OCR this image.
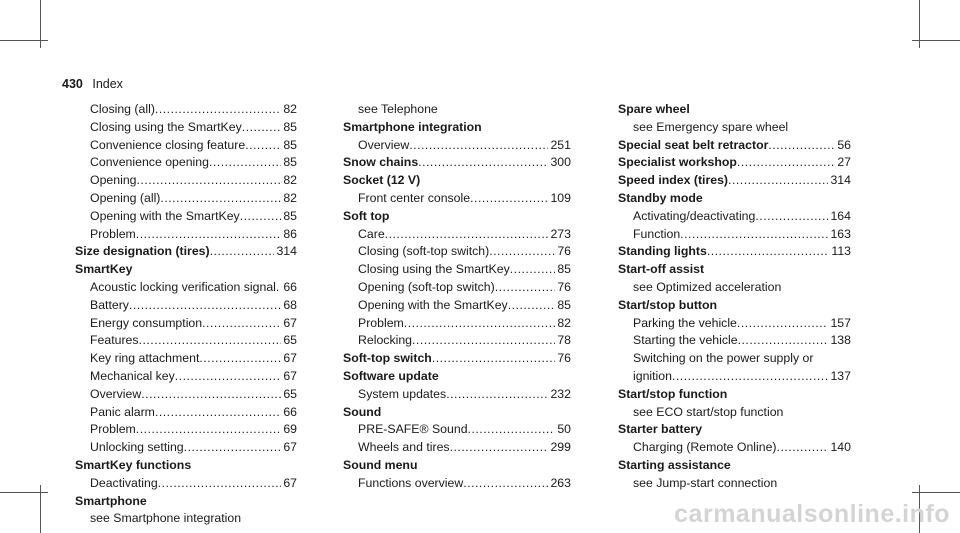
430 Index
Closing (all) .....	82
Closing using the SmartKey .....	85
Convenience closing feature .....	85
Convenience opening .....	85
Opening .....	82
Opening (all) .....	82
Opening with the SmartKey .....	85
Problem .....	86
Size designation (tires) .....	314
SmartKey
Acoustic locking verification signal ..... 66
Battery .....	68
Energy consumption .....	67
Features .....	65
Key ring attachment .....	67
Mechanical key .....	67
Overview .....	65
Panic alarm .....	66
Problem .....	69
Unlocking setting .....	67
SmartKey functions
Deactivating .....	67
Smartphone
see Smartphone integration
see Telephone
Smartphone integration
Overview .....	251
Snow chains .....	300
Socket (12 V)
Front center console .....	109
Soft top
Care .....	273
Closing (soft-top switch) .....	76
Closing using the SmartKey .....	85
Opening (soft-top switch) .....	76
Opening with the SmartKey .....	85
Problem .....	82
Relocking .....	78
Soft-top switch .....	76
Software update
System updates .....	232
Sound
PRE-SAFE® Sound .....	50
Wheels and tires .....	299
Sound menu
Functions overview .....	263
Spare wheel
see Emergency spare wheel
Special seat belt retractor .....	56
Specialist workshop .....	27
Speed index (tires) .....	314
Standby mode
Activating/deactivating .....	164
Function .....	163
Standing lights .....	113
Start-off assist
see Optimized acceleration
Start/stop button
Parking the vehicle .....	157
Starting the vehicle .....	138
Switching on the power supply or
ignition .....	137
Start/stop function
see ECO start/stop function
Starter battery
Charging (Remote Online) .....	140
Starting assistance
see Jump-start connection
carmanualsonline.info
